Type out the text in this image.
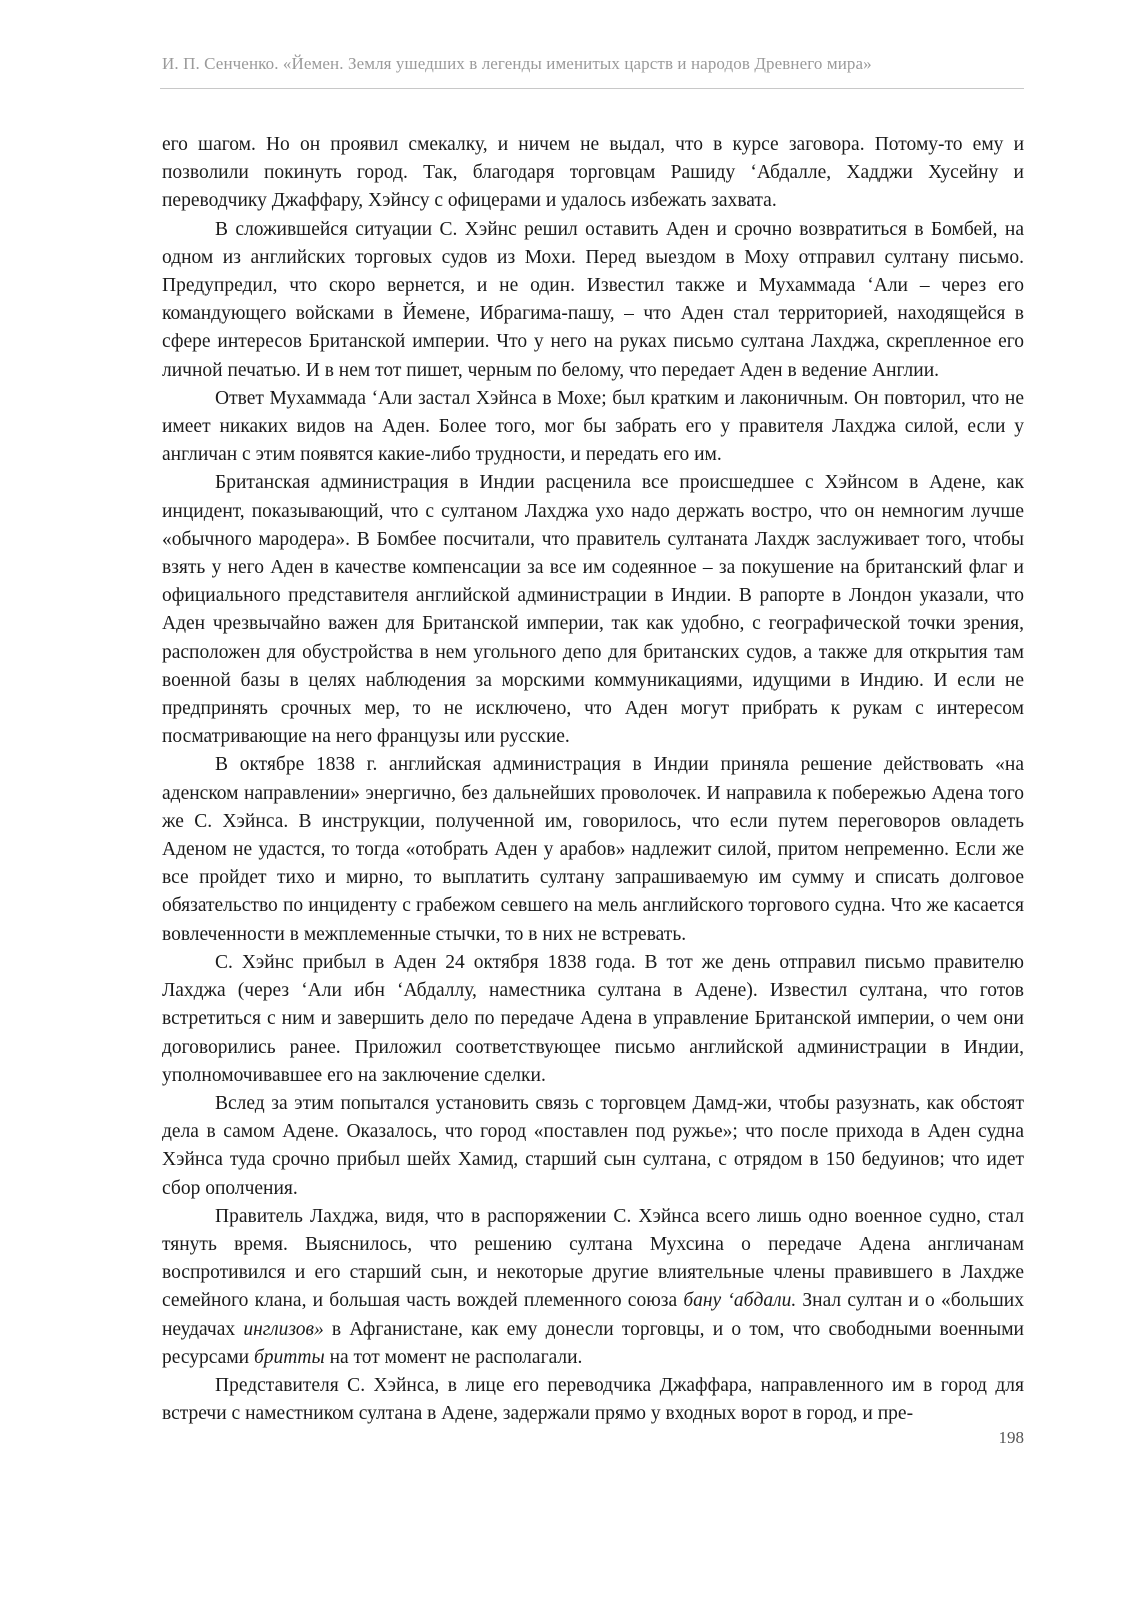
И. П. Сенченко. «Йемен. Земля ушедших в легенды именитых царств и народов Древнего мира»

его шагом. Но он проявил смекалку, и ничем не выдал, что в курсе заговора. Потому-то ему и позволили покинуть город. Так, благодаря торговцам Рашиду ‘Абдалле, Хадджи Хусейну и переводчику Джаффару, Хэйнсу с офицерами и удалось избежать захвата.

В сложившейся ситуации С. Хэйнс решил оставить Аден и срочно возвратиться в Бомбей, на одном из английских торговых судов из Мохи. Перед выездом в Моху отправил султану письмо. Предупредил, что скоро вернется, и не один. Известил также и Мухаммада ‘Али – через его командующего войсками в Йемене, Ибрагима-пашу, – что Аден стал территорией, находящейся в сфере интересов Британской империи. Что у него на руках письмо султана Лахджа, скрепленное его личной печатью. И в нем тот пишет, черным по белому, что передает Аден в ведение Англии.

Ответ Мухаммада ‘Али застал Хэйнса в Мохе; был кратким и лаконичным. Он повторил, что не имеет никаких видов на Аден. Более того, мог бы забрать его у правителя Лахджа силой, если у англичан с этим появятся какие-либо трудности, и передать его им.

Британская администрация в Индии расценила все происшедшее с Хэйнсом в Адене, как инцидент, показывающий, что с султаном Лахджа ухо надо держать востро, что он немногим лучше «обычного мародера». В Бомбее посчитали, что правитель султаната Лахдж заслуживает того, чтобы взять у него Аден в качестве компенсации за все им содеянное – за покушение на британский флаг и официального представителя английской администрации в Индии. В рапорте в Лондон указали, что Аден чрезвычайно важен для Британской империи, так как удобно, с географической точки зрения, расположен для обустройства в нем угольного депо для британских судов, а также для открытия там военной базы в целях наблюдения за морскими коммуникациями, идущими в Индию. И если не предпринять срочных мер, то не исключено, что Аден могут прибрать к рукам с интересом посматривающие на него французы или русские.

В октябре 1838 г. английская администрация в Индии приняла решение действовать «на аденском направлении» энергично, без дальнейших проволочек. И направила к побережью Адена того же С. Хэйнса. В инструкции, полученной им, говорилось, что если путем переговоров овладеть Аденом не удастся, то тогда «отобрать Аден у арабов» надлежит силой, притом непременно. Если же все пройдет тихо и мирно, то выплатить султану запрашиваемую им сумму и списать долговое обязательство по инциденту с грабежом севшего на мель английского торгового судна. Что же касается вовлеченности в межплеменные стычки, то в них не встревать.

С. Хэйнс прибыл в Аден 24 октября 1838 года. В тот же день отправил письмо правителю Лахджа (через ‘Али ибн ‘Абдаллу, наместника султана в Адене). Известил султана, что готов встретиться с ним и завершить дело по передаче Адена в управление Британской империи, о чем они договорились ранее. Приложил соответствующее письмо английской администрации в Индии, уполномочивавшее его на заключение сделки.

Вслед за этим попытался установить связь с торговцем Дамд-жи, чтобы разузнать, как обстоят дела в самом Адене. Оказалось, что город «поставлен под ружье»; что после прихода в Аден судна Хэйнса туда срочно прибыл шейх Хамид, старший сын султана, с отрядом в 150 бедуинов; что идет сбор ополчения.

Правитель Лахджа, видя, что в распоряжении С. Хэйнса всего лишь одно военное судно, стал тянуть время. Выяснилось, что решению султана Мухсина о передаче Адена англичанам воспротивился и его старший сын, и некоторые другие влиятельные члены правившего в Лахдже семейного клана, и большая часть вождей племенного союза бану ‘абдали. Знал султан и о «больших неудачах инглизов» в Афганистане, как ему донесли торговцы, и о том, что свободными военными ресурсами бритты на тот момент не располагали.

Представителя С. Хэйнса, в лице его переводчика Джаффара, направленного им в город для встречи с наместником султана в Адене, задержали прямо у входных ворот в город, и пре-

198
